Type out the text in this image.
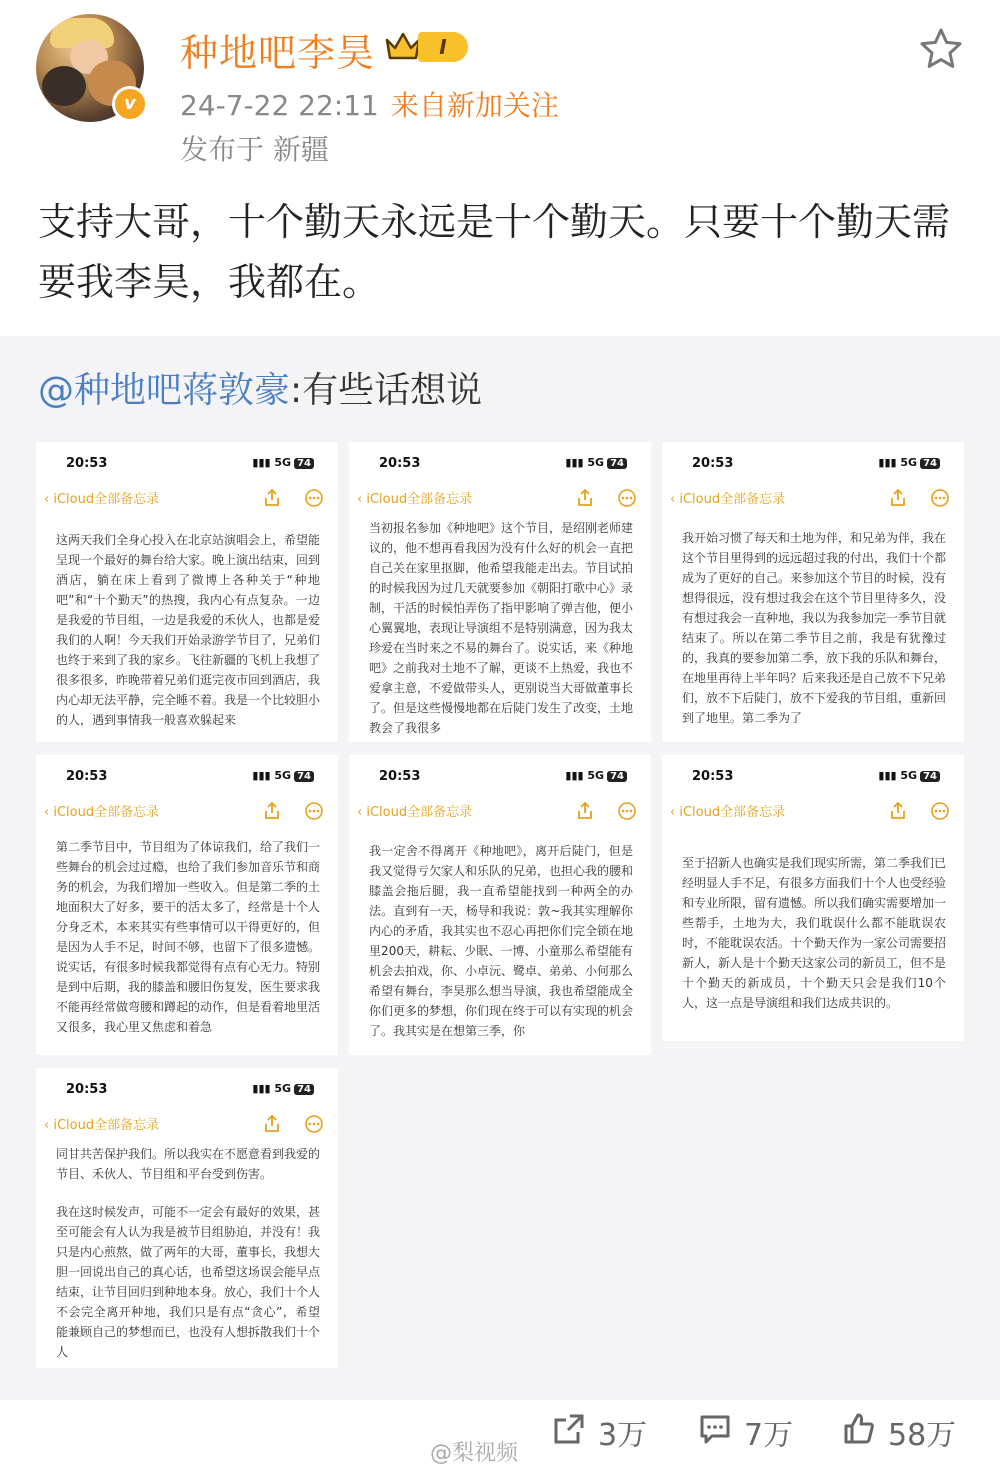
v
种地吧李昊	I
24-7-22 22:11 来自新加关注
发布于 新疆
支持大哥，十个勤天永远是十个勤天。只要十个勤天需要我李昊，我都在。
@种地吧蒋敦豪:有些话想说
20:53	▮▮▮ 5G 74
‹ iCloud全部备忘录

这两天我们全身心投入在北京站演唱会上，希望能呈现一个最好的舞台给大家。晚上演出结束，回到酒店，躺在床上看到了微博上各种关于“种地吧”和“十个勤天”的热搜，我内心有点复杂。一边是我爱的节目组，一边是我爱的禾伙人，也都是爱我们的人啊！今天我们开始录游学节目了，兄弟们也终于来到了我的家乡。飞往新疆的飞机上我想了很多很多，昨晚带着兄弟们逛完夜市回到酒店，我内心却无法平静，完全睡不着。我是一个比较胆小的人，遇到事情我一般喜欢躲起来

20:53	▮▮▮ 5G 74
‹ iCloud全部备忘录

当初报名参加《种地吧》这个节目，是绍刚老师建议的，他不想再看我因为没有什么好的机会一直把自己关在家里抠脚，他希望我能走出去。节目试拍的时候我因为过几天就要参加《朝阳打歌中心》录制，干活的时候怕弄伤了指甲影响了弹吉他，便小心翼翼地，表现让导演组不是特别满意，因为我太珍爱在当时来之不易的舞台了。说实话，来《种地吧》之前我对土地不了解，更谈不上热爱，我也不爱拿主意，不爱做带头人，更别说当大哥做董事长了。但是这些慢慢地都在后陡门发生了改变，土地教会了我很多

20:53	▮▮▮ 5G 74
‹ iCloud全部备忘录

我开始习惯了每天和土地为伴，和兄弟为伴，我在这个节目里得到的远远超过我的付出，我们十个都成为了更好的自己。来参加这个节目的时候，没有想得很远，没有想过我会在这个节目里待多久，没有想过我会一直种地，我以为我参加完一季节目就结束了。所以在第二季节目之前，我是有犹豫过的，我真的要参加第二季，放下我的乐队和舞台，在地里再待上半年吗？后来我还是自己放不下兄弟们，放不下后陡门，放不下爱我的节目组，重新回到了地里。第二季为了

20:53	▮▮▮ 5G 74
‹ iCloud全部备忘录

第二季节目中，节目组为了体谅我们，给了我们一些舞台的机会过过瘾，也给了我们参加音乐节和商务的机会，为我们增加一些收入。但是第二季的土地面积大了好多，要干的活太多了，经常是十个人分身乏术，本来其实有些事情可以干得更好的，但是因为人手不足，时间不够，也留下了很多遗憾。说实话，有很多时候我都觉得有点有心无力。特别是到中后期，我的膝盖和腰旧伤复发，医生要求我不能再经常做弯腰和蹲起的动作，但是看着地里活又很多，我心里又焦虑和着急

20:53	▮▮▮ 5G 74
‹ iCloud全部备忘录

我一定舍不得离开《种地吧》，离开后陡门，但是我又觉得亏欠家人和乐队的兄弟，也担心我的腰和膝盖会拖后腿，我一直希望能找到一种两全的办法。直到有一天，杨导和我说：敦~我其实理解你内心的矛盾，我其实也不忍心再把你们完全锁在地里200天，耕耘、少眠、一博、小童那么希望能有机会去拍戏，你、小卓沅、鹭卓、弟弟、小何那么希望有舞台，李昊那么想当导演，我也希望能成全你们更多的梦想，你们现在终于可以有实现的机会了。我其实是在想第三季，你

20:53	▮▮▮ 5G 74
‹ iCloud全部备忘录

至于招新人也确实是我们现实所需，第二季我们已经明显人手不足，有很多方面我们十个人也受经验和专业所限，留有遗憾。所以我们确实需要增加一些帮手，土地为大，我们耽误什么都不能耽误农时，不能耽误农活。十个勤天作为一家公司需要招新人，新人是十个勤天这家公司的新员工，但不是十个勤天的新成员，十个勤天只会是我们10个人，这一点是导演组和我们达成共识的。

20:53	▮▮▮ 5G 74
‹ iCloud全部备忘录

同甘共苦保护我们。所以我实在不愿意看到我爱的节目、禾伙人、节目组和平台受到伤害。

我在这时候发声，可能不一定会有最好的效果，甚至可能会有人认为我是被节目组胁迫，并没有！我只是内心煎熬，做了两年的大哥，董事长，我想大胆一回说出自己的真心话，也希望这场误会能早点结束，让节目回归到种地本身。放心，我们十个人不会完全离开种地，我们只是有点“贪心”，希望能兼顾自己的梦想而已，也没有人想拆散我们十个人

3万	7万	58万
@梨视频
